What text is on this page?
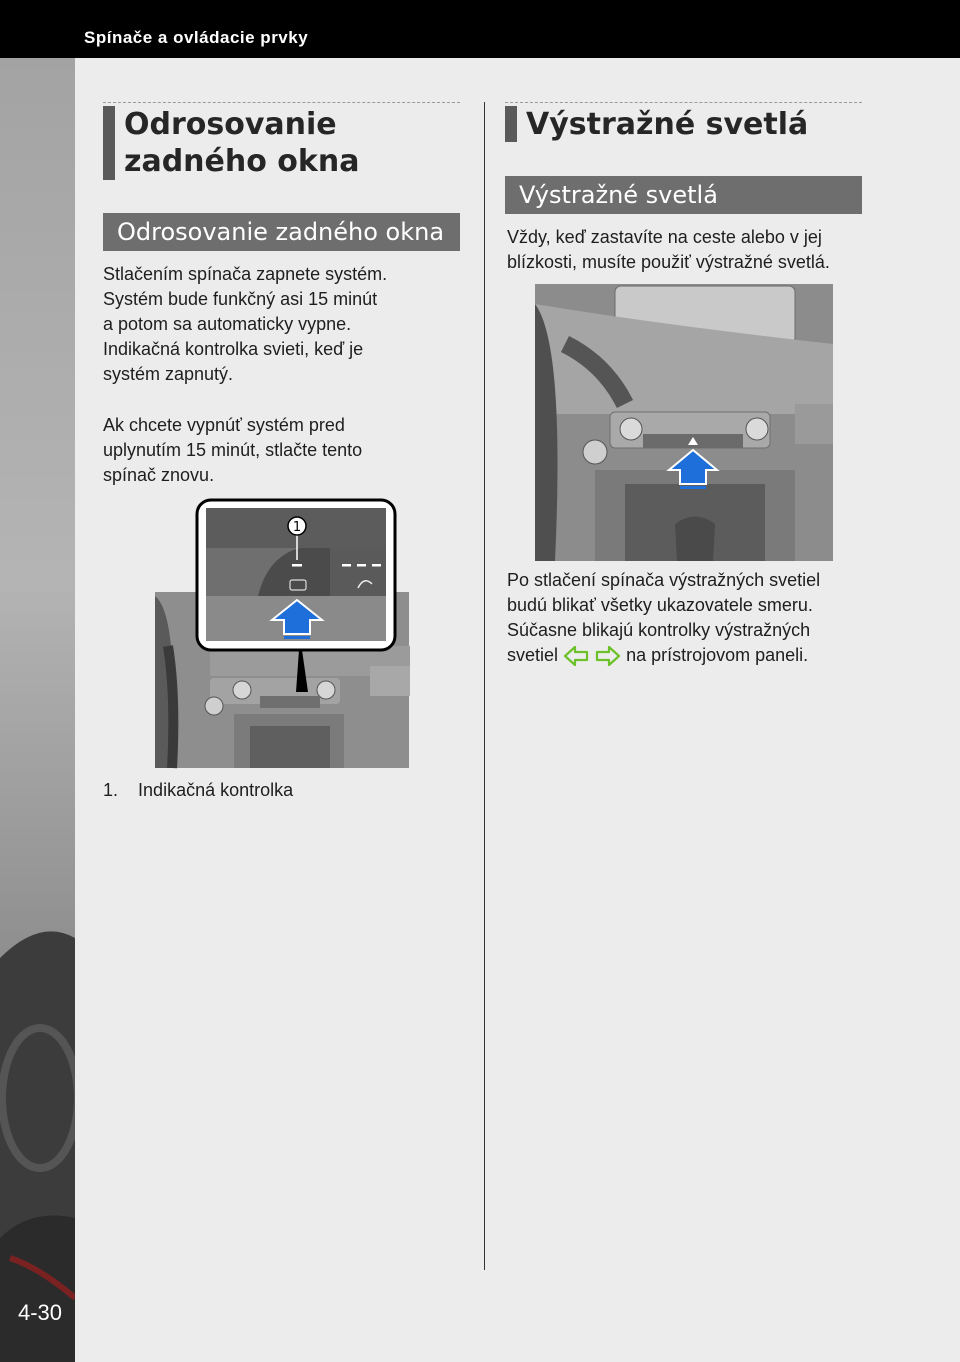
Spínače a ovládacie prvky
4-30
Odrosovanie
zadného okna
Odrosovanie zadného okna
Stlačením spínača zapnete systém.
Systém bude funkčný asi 15 minút
a potom sa automaticky vypne.
Indikačná kontrolka svieti, keď je
systém zapnutý.
Ak chcete vypnúť systém pred
uplynutím 15 minút, stlačte tento
spínač znovu.
1
1. Indikačná kontrolka
Výstražné svetlá
Výstražné svetlá
Vždy, keď zastavíte na ceste alebo v jej
blízkosti, musíte použiť výstražné svetlá.
Po stlačení spínača výstražných svetiel
budú blikať všetky ukazovatele smeru.
Súčasne blikajú kontrolky výstražných
svetiel	na prístrojovom paneli.
